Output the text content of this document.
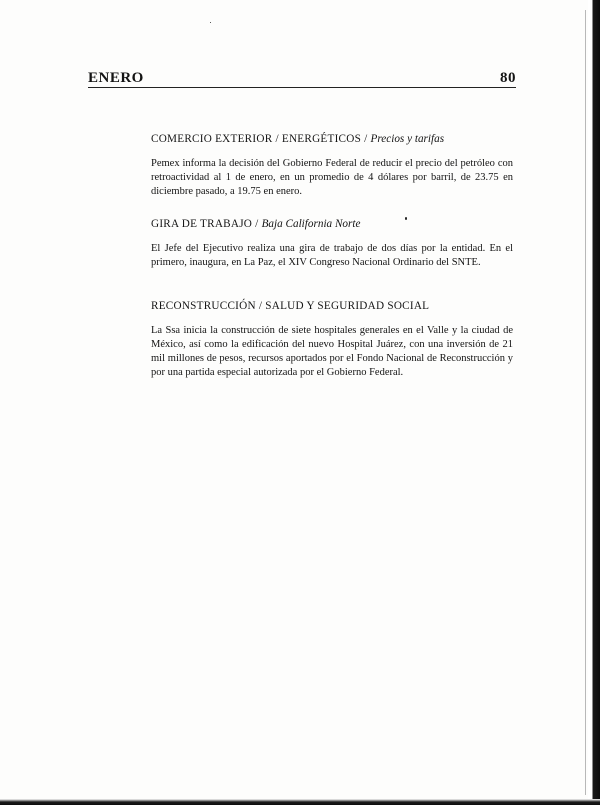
ENERO	80
COMERCIO EXTERIOR / ENERGÉTICOS / Precios y tarifas

Pemex informa la decisión del Gobierno Federal de reducir el precio del petróleo con retroactividad al 1 de enero, en un promedio de 4 dólares por barril, de 23.75 en diciembre pasado, a 19.75 en enero.

GIRA DE TRABAJO / Baja California Norte

El Jefe del Ejecutivo realiza una gira de trabajo de dos días por la entidad. En el primero, inaugura, en La Paz, el XIV Congreso Nacional Ordinario del SNTE.

RECONSTRUCCIÓN / SALUD Y SEGURIDAD SOCIAL

La Ssa inicia la construcción de siete hospitales generales en el Valle y la ciudad de México, así como la edificación del nuevo Hospital Juárez, con una inversión de 21 mil millones de pesos, recursos aportados por el Fondo Nacional de Reconstrucción y por una partida especial autorizada por el Gobierno Federal.
